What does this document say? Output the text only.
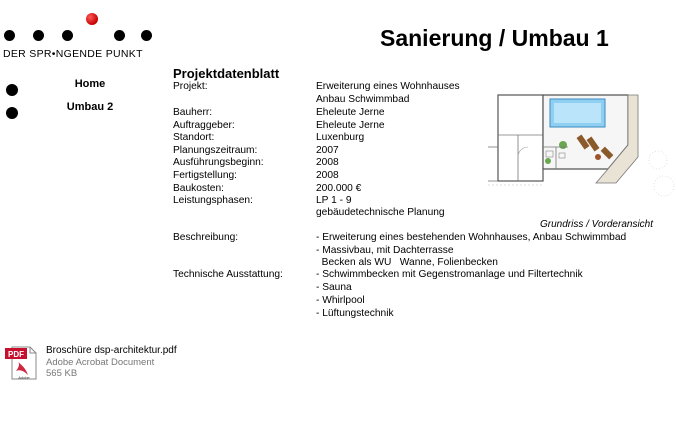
DER SPR•NGENDE PUNKT
Home
Umbau 2
Sanierung / Umbau 1
Projektdatenblatt
Projekt:	Erweiterung eines Wohnhauses
Anbau Schwimmbad
Bauherr:	Eheleute Jerne
Auftraggeber:	Eheleute Jerne
Standort:	Luxenburg
Planungszeitraum:	2007
Ausführungsbeginn:	2008
Fertigstellung:	2008
Baukosten:	200.000 €
Leistungsphasen:	LP 1 - 9
gebäudetechnische Planung
Beschreibung:	- Erweiterung eines bestehenden Wohnhauses, Anbau Schwimmbad
- Massivbau, mit Dachterrasse
Becken als WU   Wanne, Folienbecken
Technische Ausstattung:	- Schwimmbecken mit Gegenstromanlage und Filtertechnik
- Sauna
- Whirlpool
- Lüftungstechnik
Grundriss / Vorderansicht
PDF
Adobe
Broschüre dsp-architektur.pdf
Adobe Acrobat Document
565 KB
